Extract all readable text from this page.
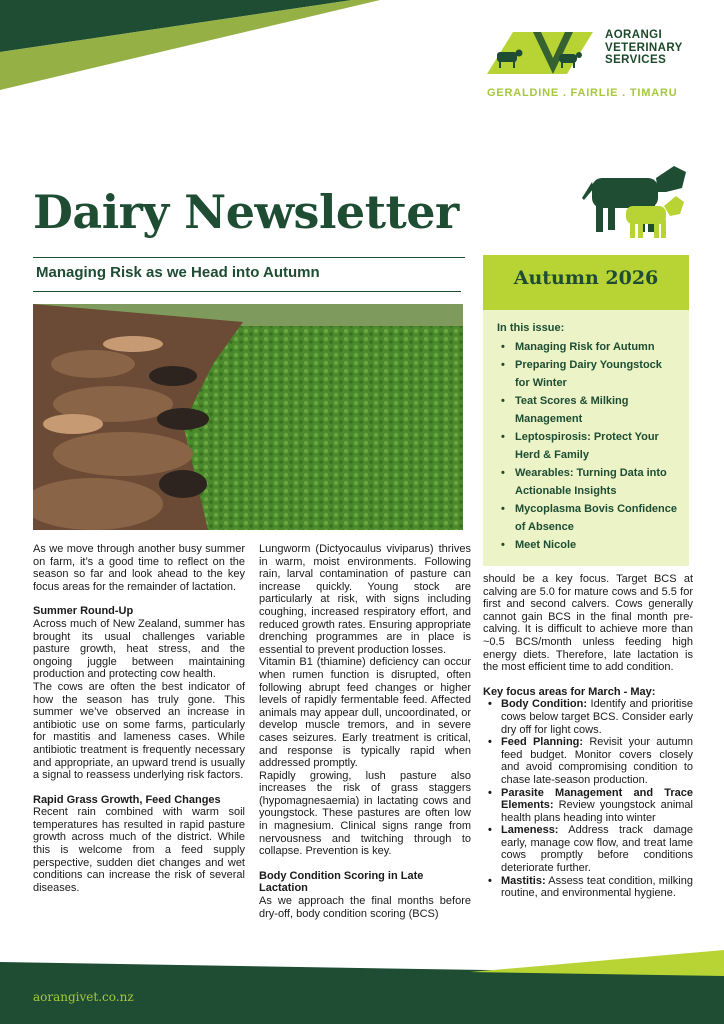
AORANGI
VETERINARY
SERVICES
GERALDINE . FAIRLIE . TIMARU
Dairy Newsletter
Managing Risk as we Head into Autumn	Autumn 2026
In this issue:
• Managing Risk for Autumn
• Preparing Dairy Youngstock for Winter
• Teat Scores & Milking Management
• Leptospirosis: Protect Your Herd & Family
• Wearables: Turning Data into Actionable Insights
• Mycoplasma Bovis Confidence of Absence
• Meet Nicole

As we move through another busy summer on farm, it’s a good time to reflect on the season so far and look ahead to the key focus areas for the remainder of lactation.

Summer Round-Up

Across much of New Zealand, summer has brought its usual challenges variable pasture growth, heat stress, and the ongoing juggle between maintaining production and protecting cow health.

The cows are often the best indicator of how the season has truly gone. This summer we’ve observed an increase in antibiotic use on some farms, particularly for mastitis and lameness cases. While antibiotic treatment is frequently necessary and appropriate, an upward trend is usually a signal to reassess underlying risk factors.

Rapid Grass Growth, Feed Changes

Recent rain combined with warm soil temperatures has resulted in rapid pasture growth across much of the district. While this is welcome from a feed supply perspective, sudden diet changes and wet conditions can increase the risk of several diseases.

Lungworm (Dictyocaulus viviparus) thrives in warm, moist environments. Following rain, larval contamination of pasture can increase quickly. Young stock are particularly at risk, with signs including coughing, increased respiratory effort, and reduced growth rates. Ensuring appropriate drenching programmes are in place is essential to prevent production losses.

Vitamin B1 (thiamine) deficiency can occur when rumen function is disrupted, often following abrupt feed changes or higher levels of rapidly fermentable feed. Affected animals may appear dull, uncoordinated, or develop muscle tremors, and in severe cases seizures. Early treatment is critical, and response is typically rapid when addressed promptly.

Rapidly growing, lush pasture also increases the risk of grass staggers (hypomagnesaemia) in lactating cows and youngstock. These pastures are often low in magnesium. Clinical signs range from nervousness and twitching through to collapse. Prevention is key.

Body Condition Scoring in Late Lactation

As we approach the final months before dry-off, body condition scoring (BCS)

should be a key focus. Target BCS at calving are 5.0 for mature cows and 5.5 for first and second calvers. Cows generally cannot gain BCS in the final month pre-calving. It is difficult to achieve more than ~0.5 BCS/month unless feeding high energy diets. Therefore, late lactation is the most efficient time to add condition.

Key focus areas for March - May:
• Body Condition: Identify and prioritise cows below target BCS. Consider early dry off for light cows.
• Feed Planning: Revisit your autumn feed budget. Monitor covers closely and avoid compromising condition to chase late-season production.
• Parasite Management and Trace Elements: Review youngstock animal health plans heading into winter
• Lameness: Address track damage early, manage cow flow, and treat lame cows promptly before conditions deteriorate further.
• Mastitis: Assess teat condition, milking routine, and environmental hygiene.
aorangivet.co.nz
